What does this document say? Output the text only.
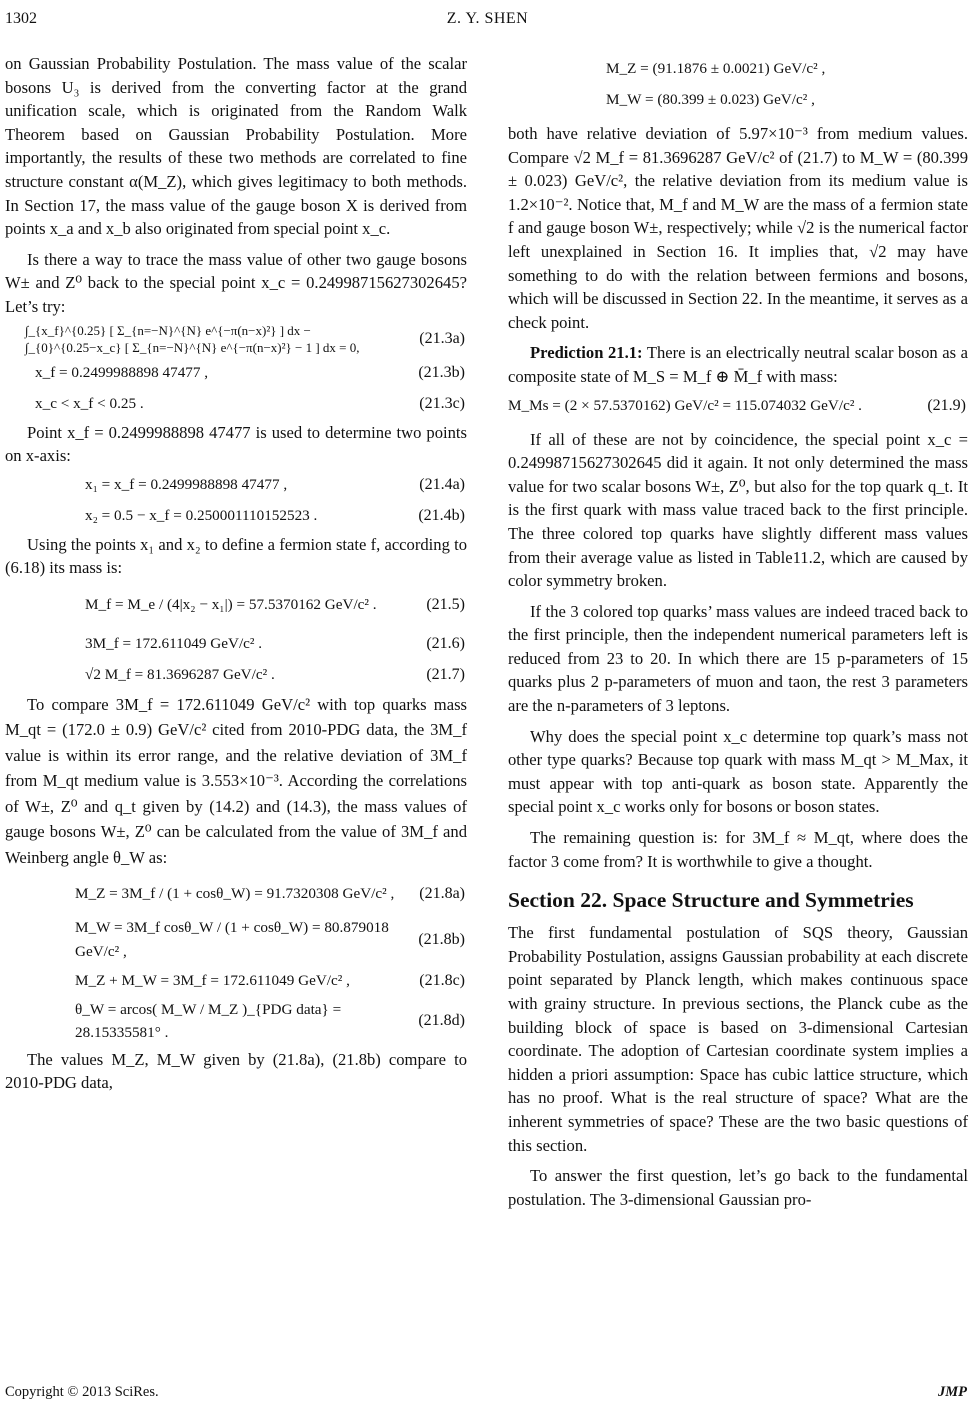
1302	Z. Y. SHEN

on Gaussian Probability Postulation. The mass value of the scalar bosons U₃ is derived from the converting factor at the grand unification scale, which is originated from the Random Walk Theorem based on Gaussian Probability Postulation. More importantly, the results of these two methods are correlated to fine structure constant α(M_Z), which gives legitimacy to both methods. In Section 17, the mass value of the gauge boson X is derived from points x_a and x_b also originated from special point x_c.

Is there a way to trace the mass value of other two gauge bosons W± and Z⁰ back to the special point x_c = 0.24998715627302645? Let’s try:

∫_{x_f}^{0.25} [ Σ_{n=−N}^{N} e^{−π(n−x)²} ] dx − ∫_{0}^{0.25−x_c} [ Σ_{n=−N}^{N} e^{−π(n−x)²} − 1 ] dx = 0,
(21.3a)
x_f = 0.2499988898 47477 ,	(21.3b)
x_c < x_f < 0.25 .	(21.3c)

Point x_f = 0.2499988898 47477 is used to determine two points on x-axis:

x₁ = x_f = 0.2499988898 47477 ,	(21.4a)
x₂ = 0.5 − x_f = 0.250001110152523 .	(21.4b)

Using the points x₁ and x₂ to define a fermion state f, according to (6.18) its mass is:

M_f = M_e / (4|x₂ − x₁|) = 57.5370162 GeV/c² .	(21.5)
3M_f = 172.611049 GeV/c² .	(21.6)
√2 M_f = 81.3696287 GeV/c² .	(21.7)

To compare 3M_f = 172.611049 GeV/c² with top quarks mass M_qt = (172.0 ± 0.9) GeV/c² cited from 2010-PDG data, the 3M_f value is within its error range, and the relative deviation of 3M_f from M_qt medium value is 3.553×10⁻³. According the correlations of W±, Z⁰ and q_t given by (14.2) and (14.3), the mass values of gauge bosons W±, Z⁰ can be calculated from the value of 3M_f and Weinberg angle θ_W as:

M_Z = 3M_f / (1 + cosθ_W) = 91.7320308 GeV/c² , (21.8a)
M_W = 3M_f cosθ_W / (1 + cosθ_W) = 80.879018 GeV/c² ,
(21.8b)
M_Z + M_W = 3M_f = 172.611049 GeV/c² ,	(21.8c)
θ_W = arcos( M_W / M_Z )_{PDG data} = 28.15335581° .
(21.8d)

The values M_Z, M_W given by (21.8a), (21.8b) compare to 2010-PDG data,

M_Z = (91.1876 ± 0.0021) GeV/c² ,
M_W = (80.399 ± 0.023) GeV/c² ,

both have relative deviation of 5.97×10⁻³ from medium values. Compare √2 M_f = 81.3696287 GeV/c² of (21.7) to M_W = (80.399 ± 0.023) GeV/c², the relative deviation from its medium value is 1.2×10⁻². Notice that, M_f and M_W are the mass of a fermion state f and gauge boson W±, respectively; while √2 is the numerical factor left unexplained in Section 16. It implies that, √2 may have something to do with the relation between fermions and bosons, which will be discussed in Section 22. In the meantime, it serves as a check point.

Prediction 21.1: There is an electrically neutral scalar boson as a composite state of M_S = M_f ⊕ M̄_f with mass:

M_Ms = (2 × 57.5370162) GeV/c² = 115.074032 GeV/c² .	(21.9)

If all of these are not by coincidence, the special point x_c = 0.24998715627302645 did it again. It not only determined the mass value for two scalar bosons W±, Z⁰, but also for the top quark q_t. It is the first quark with mass value traced back to the first principle. The three colored top quarks have slightly different mass values from their average value as listed in Table11.2, which are caused by color symmetry broken.

If the 3 colored top quarks’ mass values are indeed traced back to the first principle, then the independent numerical parameters left is reduced from 23 to 20. In which there are 15 p-parameters of 15 quarks plus 2 p-parameters of muon and taon, the rest 3 parameters are the n-parameters of 3 leptons.

Why does the special point x_c determine top quark’s mass not other type quarks? Because top quark with mass M_qt > M_Max, it must appear with top anti-quark as boson state. Apparently the special point x_c works only for bosons or boson states.

The remaining question is: for 3M_f ≈ M_qt, where does the factor 3 come from? It is worthwhile to give a thought.

Section 22. Space Structure and Symmetries

The first fundamental postulation of SQS theory, Gaussian Probability Postulation, assigns Gaussian probability at each discrete point separated by Planck length, which makes continuous space with grainy structure. In previous sections, the Planck cube as the building block of space is based on 3-dimensional Cartesian coordinate. The adoption of Cartesian coordinate system implies a hidden a priori assumption: Space has cubic lattice structure, which has no proof. What is the real structure of space? What are the inherent symmetries of space? These are the two basic questions of this section.

To answer the first question, let’s go back to the fundamental postulation. The 3-dimensional Gaussian pro-

Copyright © 2013 SciRes.	JMP
